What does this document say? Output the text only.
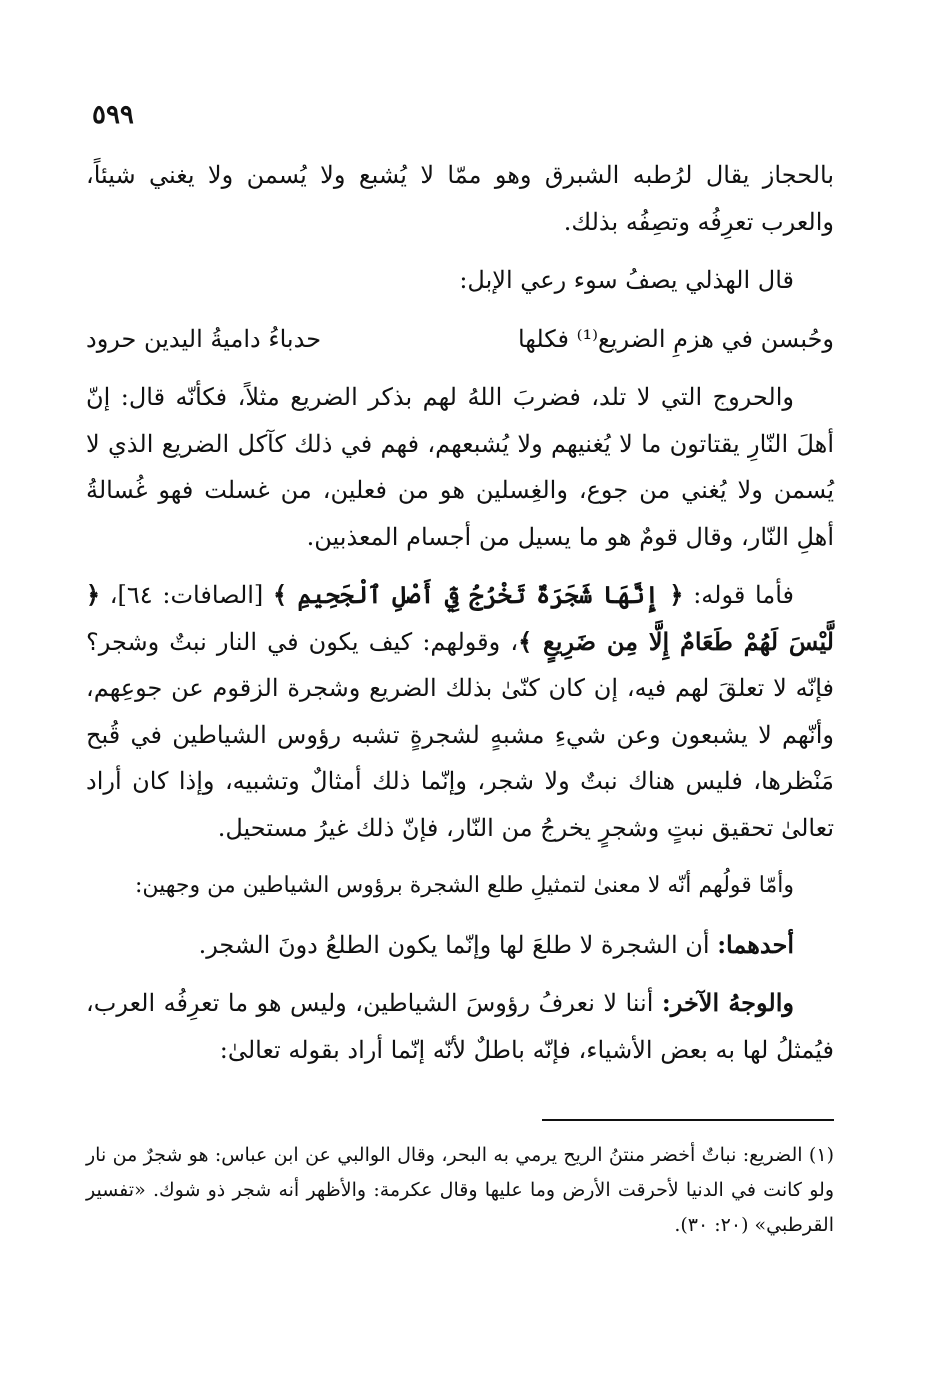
٥٩٩

بالحجاز يقال لرُطبه الشبرق وهو ممّا لا يُشبع ولا يُسمن ولا يغني شيئاً، والعرب تعرِفُه وتصِفُه بذلك.

قال الهذلي يصفُ سوء رعي الإبل:

وحُبسن في هزمِ الضريع⁽¹⁾ فكلها
حدباءُ داميةُ اليدين حرود

والحروج التي لا تلد، فضربَ اللهُ لهم بذكر الضريع مثلاً، فكأنّه قال: إنّ أهلَ النّارِ يقتاتون ما لا يُغنيهم ولا يُشبعهم، فهم في ذلك كآكل الضريع الذي لا يُسمن ولا يُغني من جوع، والغِسلين هو من فعلين، من غسلت فهو غُسالةُ أهلِ النّار، وقال قومٌ هو ما يسيل من أجسام المعذبين.

فأما قوله: ﴿ إِنَّهَا شَجَرَةٌ تَخْرُجُ فِيٓ أَصْلِ ٱلْجَحِيمِ ﴾ [الصافات: ٦٤]، ﴿ لَّيْسَ لَهُمْ طَعَامٌ إِلَّا مِن ضَرِيعٍ ﴾، وقولهم: كيف يكون في النار نبتٌ وشجر؟ فإنّه لا تعلقَ لهم فيه، إن كان كنّىٰ بذلك الضريع وشجرة الزقوم عن جوعِهم، وأنّهم لا يشبعون وعن شيءِ مشبهٍ لشجرةٍ تشبه رؤوس الشياطين في قُبح مَنْظرها، فليس هناك نبتٌ ولا شجر، وإنّما ذلك أمثالٌ وتشبيه، وإذا كان أراد تعالىٰ تحقيق نبتٍ وشجرٍ يخرجُ من النّار، فإنّ ذلك غيرُ مستحيل.

وأمّا قولُهم أنّه لا معنىٰ لتمثيلِ طلع الشجرة برؤوس الشياطين من وجهين:

أحدهما: أن الشجرة لا طلعَ لها وإنّما يكون الطلعُ دونَ الشجر.

والوجهُ الآخر: أننا لا نعرفُ رؤوسَ الشياطين، وليس هو ما تعرِفُه العرب، فيُمثلُ لها به بعض الأشياء، فإنّه باطلٌ لأنّه إنّما أراد بقوله تعالىٰ:

(١) الضريع: نباتٌ أخضر منتنُ الريح يرمي به البحر، وقال الوالبي عن ابن عباس: هو شجرٌ من نار ولو كانت في الدنيا لأحرقت الأرض وما عليها وقال عكرمة: والأظهر أنه شجر ذو شوك. «تفسير القرطبي» (٢٠: ٣٠).
